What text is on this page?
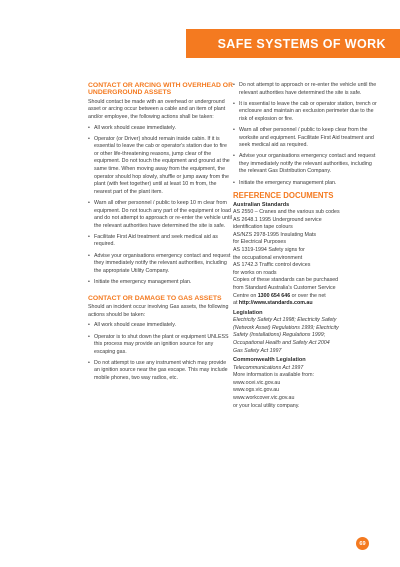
SAFE SYSTEMS OF WORK
CONTACT OR ARCING WITH OVERHEAD OR UNDERGROUND ASSETS

Should contact be made with an overhead or underground asset or arcing occur between a cable and an item of plant and/or employee, the following actions shall be taken:

• All work should cease immediately.
• Operator (or Driver) should remain inside cabin. If it is essential to leave the cab or operator's station due to fire or other life-threatening reasons, jump clear of the equipment. Do not touch the equipment and ground at the same time. When moving away from the equipment, the operator should hop slowly, shuffle or jump away from the plant (with feet together) until at least 10 m from, the nearest part of the plant item.
• Warn all other personnel / public to keep 10 m clear from equipment. Do not touch any part of the equipment or load and do not attempt to approach or re-enter the vehicle until the relevant authorities have determined the site is safe.
• Facilitate First Aid treatment and seek medical aid as required.
• Advise your organisations emergency contact and request they immediately notify the relevant authorities, including the appropriate Utility Company.
• Initiate the emergency management plan.
CONTACT OR DAMAGE TO GAS ASSETS

Should an incident occur involving Gas assets, the following actions should be taken:

• All work should cease immediately.
• Operator is to shut down the plant or equipment UNLESS this process may provide an ignition source for any escaping gas.
• Do not attempt to use any instrument which may provide an ignition source near the gas escape. This may include mobile phones, two way radios, etc.
• Do not attempt to approach or re-enter the vehicle until the relevant authorities have determined the site is safe.
• It is essential to leave the cab or operator station, trench or enclosure and maintain an exclusion perimeter due to the risk of explosion or fire.
• Warn all other personnel / public to keep clear from the worksite and equipment. Facilitate First Aid treatment and seek medical aid as required.
• Advise your organisations emergency contact and request they immediately notify the relevant authorities, including the relevant Gas Distribution Company.
• Initiate the emergency management plan.
REFERENCE DOCUMENTS
Australian Standards
AS 2550 – Cranes and the various sub codes
AS 2648.1 1995 Underground service
identification tape colours
AS/NZS 2978-1995 Insulating Mats
for Electrical Purposes
AS 1319-1994 Safety signs for
the occupational environment
AS 1742.3 Traffic control devices
for works on roads
Copies of these standards can be purchased
from Standard Australia's Customer Service
Centre on 1300 654 646 or over the net
at http://www.standards.com.au
Legislation
Electricity Safety Act 1998; Electricity Safety
(Network Asset) Regulations 1999; Electricity
Safety (Installations) Regulations 1999;
Occupational Health and Safety Act 2004
Gas Safety Act 1997
Commonwealth Legislation
Telecommunications Act 1997
More information is available from:
www.ocei.vic.gov.au
www.ogs.vic.gov.au
www.workcover.vic.gov.au
or your local utility company.
69
